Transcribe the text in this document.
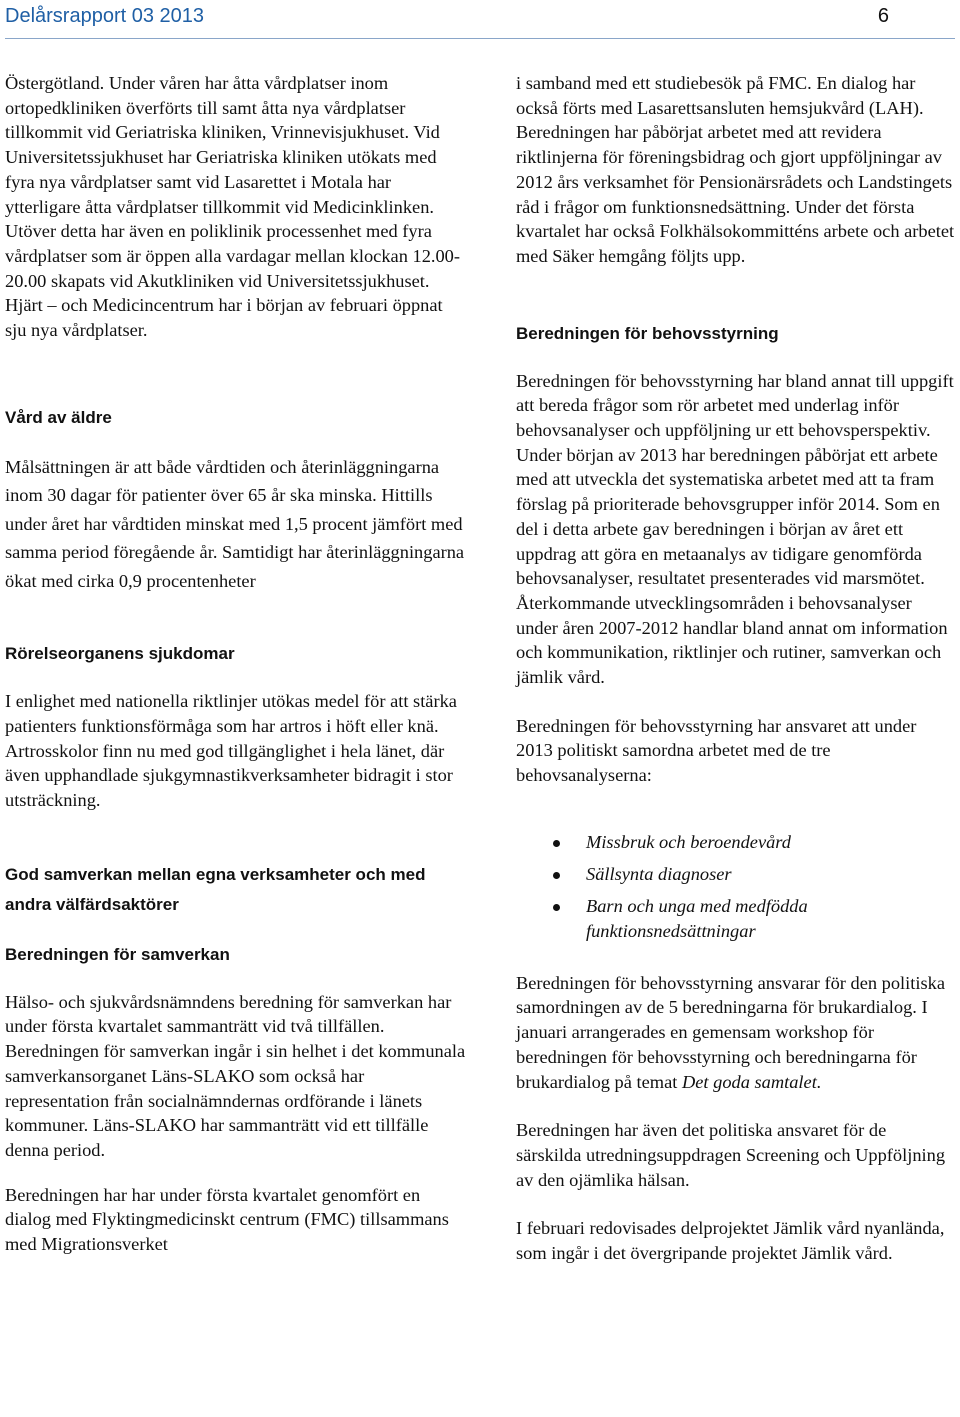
Delårsrapport 03 2013	6

Östergötland. Under våren har åtta vårdplatser inom ortopedkliniken överförts till samt åtta nya vårdplatser tillkommit vid Geriatriska kliniken, Vrinnevisjukhuset. Vid Universitetssjukhuset har Geriatriska kliniken utökats med fyra nya vårdplatser samt vid Lasarettet i Motala har ytterligare åtta vårdplatser tillkommit vid Medicinklinken. Utöver detta har även en poliklinik processenhet med fyra vårdplatser som är öppen alla vardagar mellan klockan 12.00-20.00 skapats vid Akutkliniken vid Universitetssjukhuset. Hjärt – och Medicincentrum har i början av februari öppnat sju nya vårdplatser.

Vård av äldre

Målsättningen är att både vårdtiden och återinläggningarna inom 30 dagar för patienter över 65 år ska minska. Hittills under året har vårdtiden minskat med 1,5 procent jämfört med samma period föregående år. Samtidigt har återinläggningarna ökat med cirka 0,9 procentenheter

Rörelseorganens sjukdomar

I enlighet med nationella riktlinjer utökas medel för att stärka patienters funktionsförmåga som har artros i höft eller knä. Artrosskolor finn nu med god tillgänglighet i hela länet, där även upphandlade sjukgymnastikverksamheter bidragit i stor utsträckning.

God samverkan mellan egna verksamheter och med andra välfärdsaktörer
Beredningen för samverkan

Hälso- och sjukvårdsnämndens beredning för samverkan har under första kvartalet sammanträtt vid två tillfällen. Beredningen för samverkan ingår i sin helhet i det kommunala samverkansorganet Läns-SLAKO som också har representation från socialnämndernas ordförande i länets kommuner. Läns-SLAKO har sammanträtt vid ett tillfälle denna period.

Beredningen har har under första kvartalet genomfört en dialog med Flyktingmedicinskt centrum (FMC) tillsammans med Migrationsverket

i samband med ett studiebesök på FMC. En dialog har också förts med Lasarettsansluten hemsjukvård (LAH). Beredningen har påbörjat arbetet med att revidera riktlinjerna för föreningsbidrag och gjort uppföljningar av 2012 års verksamhet för Pensionärsrådets och Landstingets råd i frågor om funktionsnedsättning. Under det första kvartalet har också Folkhälsokommitténs arbete och arbetet med Säker hemgång följts upp.

Beredningen för behovsstyrning

Beredningen för behovsstyrning har bland annat till uppgift att bereda frågor som rör arbetet med underlag inför behovsanalyser och uppföljning ur ett behovsperspektiv. Under början av 2013 har beredningen påbörjat ett arbete med att utveckla det systematiska arbetet med att ta fram förslag på prioriterade behovsgrupper inför 2014. Som en del i detta arbete gav beredningen i början av året ett uppdrag att göra en metaanalys av tidigare genomförda behovsanalyser, resultatet presenterades vid marsmötet. Återkommande utvecklingsområden i behovsanalyser under åren 2007-2012 handlar bland annat om information och kommunikation, riktlinjer och rutiner, samverkan och jämlik vård.

Beredningen för behovsstyrning har ansvaret att under 2013 politiskt samordna arbetet med de tre behovsanalyserna:

Missbruk och beroendevård
Sällsynta diagnoser
Barn och unga med medfödda funktionsnedsättningar

Beredningen för behovsstyrning ansvarar för den politiska samordningen av de 5 beredningarna för brukardialog. I januari arrangerades en gemensam workshop för beredningen för behovsstyrning och beredningarna för brukardialog på temat Det goda samtalet.

Beredningen har även det politiska ansvaret för de särskilda utredningsuppdragen Screening och Uppföljning av den ojämlika hälsan.

I februari redovisades delprojektet Jämlik vård nyanlända, som ingår i det övergripande projektet Jämlik vård.
